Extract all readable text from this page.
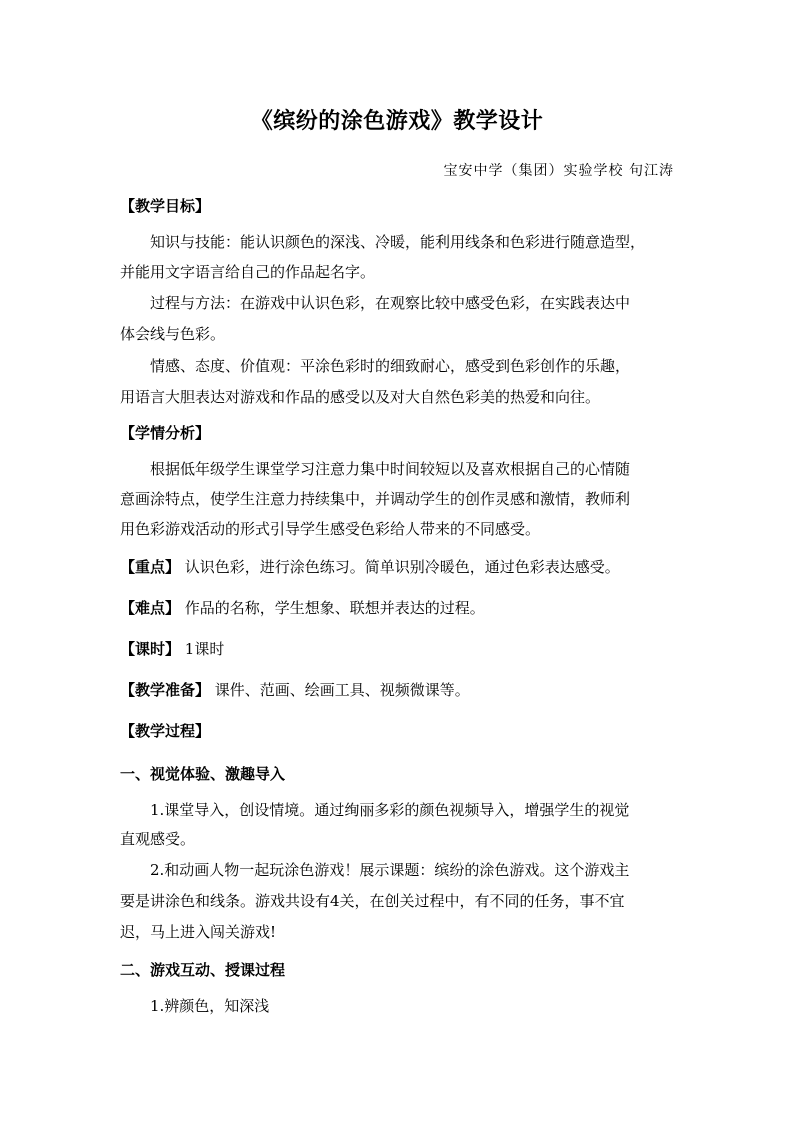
《缤纷的涂色游戏》教学设计
宝安中学（集团）实验学校 句江涛
【教学目标】
知识与技能：能认识颜色的深浅、冷暖，能利用线条和色彩进行随意造型，
并能用文字语言给自己的作品起名字。
过程与方法：在游戏中认识色彩，在观察比较中感受色彩，在实践表达中
体会线与色彩。
情感、态度、价值观：平涂色彩时的细致耐心，感受到色彩创作的乐趣，
用语言大胆表达对游戏和作品的感受以及对大自然色彩美的热爱和向往。
【学情分析】
根据低年级学生课堂学习注意力集中时间较短以及喜欢根据自己的心情随
意画涂特点，使学生注意力持续集中，并调动学生的创作灵感和激情，教师利
用色彩游戏活动的形式引导学生感受色彩给人带来的不同感受。
【重点】 认识色彩，进行涂色练习。简单识别冷暖色，通过色彩表达感受。
【难点】 作品的名称，学生想象、联想并表达的过程。
【课时】 1课时
【教学准备】 课件、范画、绘画工具、视频微课等。
【教学过程】
一、视觉体验、激趣导入
1.课堂导入，创设情境。通过绚丽多彩的颜色视频导入，增强学生的视觉
直观感受。
2.和动画人物一起玩涂色游戏！展示课题：缤纷的涂色游戏。这个游戏主
要是讲涂色和线条。游戏共设有4关，在创关过程中，有不同的任务，事不宜
迟，马上进入闯关游戏!
二、游戏互动、授课过程
1.辨颜色，知深浅
